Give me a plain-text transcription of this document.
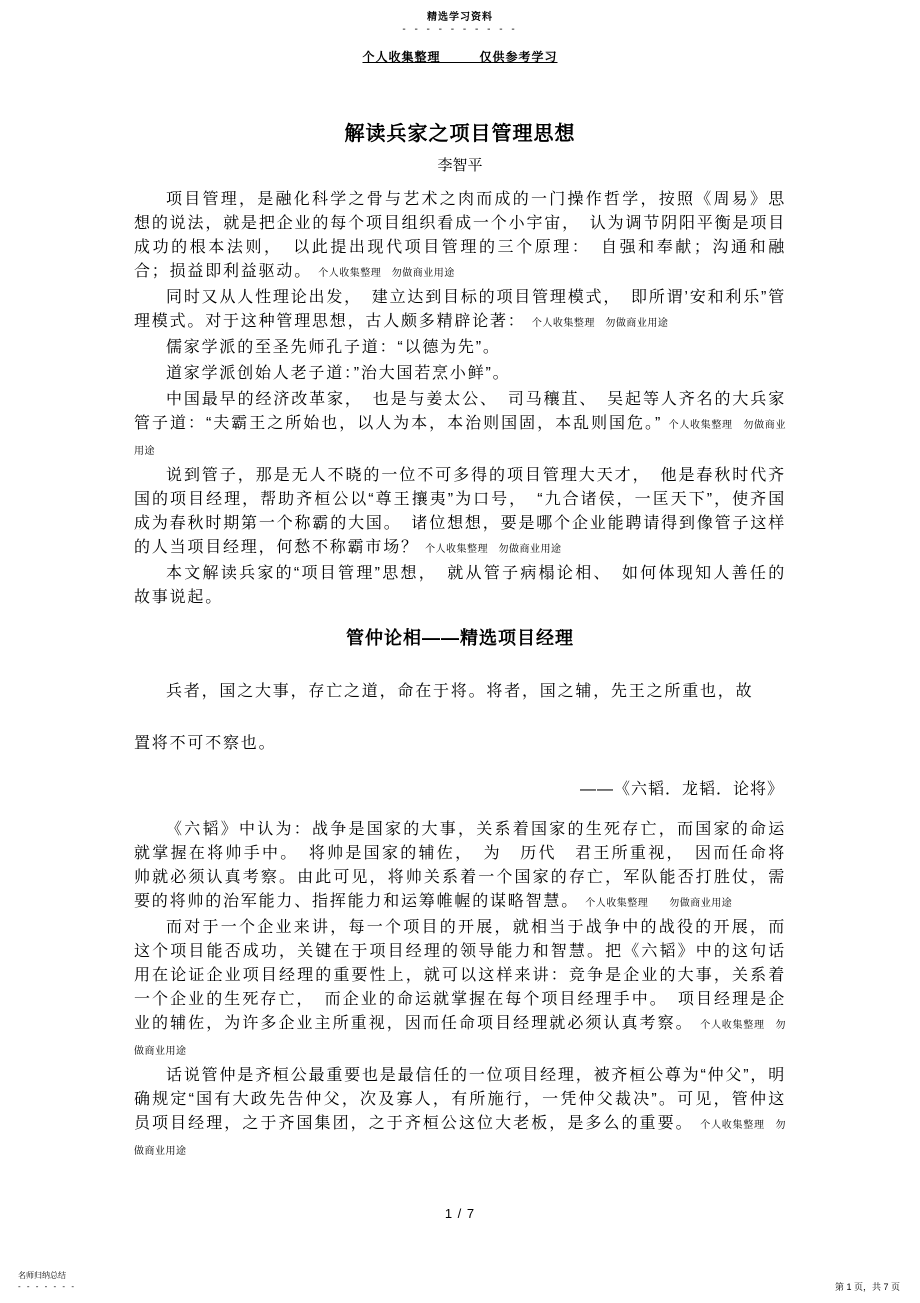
精选学习资料
- - - - - - - - - -
个人收集整理　　　仅供参考学习
解读兵家之项目管理思想
李智平

项目管理，是融化科学之骨与艺术之肉而成的一门操作哲学，按照《周易》思想的说法，就是把企业的每个项目组织看成一个小宇宙，　认为调节阴阳平衡是项目成功的根本法则，　以此提出现代项目管理的三个原理：　自强和奉献；沟通和融合；损益即利益驱动。 个人收集整理　勿做商业用途

同时又从人性理论出发，　建立达到目标的项目管理模式，　即所谓’安和利乐”管理模式。对于这种管理思想，古人颇多精辟论著： 个人收集整理　勿做商业用途

儒家学派的至圣先师孔子道：“以德为先”。

道家学派创始人老子道：”治大国若烹小鲜”。

中国最早的经济改革家，　也是与姜太公、　司马穰苴、　吴起等人齐名的大兵家管子道：“夫霸王之所始也，以人为本，本治则国固，本乱则国危。” 个人收集整理　勿做商业用途

说到管子，那是无人不晓的一位不可多得的项目管理大天才，　他是春秋时代齐国的项目经理，帮助齐桓公以“尊王攘夷”为口号，　“九合诸侯，一匡天下”，使齐国成为春秋时期第一个称霸的大国。　诸位想想，要是哪个企业能聘请得到像管子这样的人当项目经理，何愁不称霸市场？ 个人收集整理　勿做商业用途

本文解读兵家的“项目管理”思想，　就从管子病榻论相、　如何体现知人善任的故事说起。

管仲论相——精选项目经理
兵者，国之大事，存亡之道，命在于将。将者，国之辅，先王之所重也，故
置将不可不察也。
——《六韬．龙韬．论将》

《六韬》中认为：战争是国家的大事，关系着国家的生死存亡，而国家的命运就掌握在将帅手中。　将帅是国家的辅佐，　为　历代　君王所重视，　因而任命将帅就必须认真考察。由此可见，将帅关系着一个国家的存亡，军队能否打胜仗，需要的将帅的治军能力、指挥能力和运筹帷幄的谋略智慧。 个人收集整理　　勿做商业用途

而对于一个企业来讲，每一个项目的开展，就相当于战争中的战役的开展，而这个项目能否成功，关键在于项目经理的领导能力和智慧。把《六韬》中的这句话用在论证企业项目经理的重要性上，就可以这样来讲：竞争是企业的大事，关系着一个企业的生死存亡，　而企业的命运就掌握在每个项目经理手中。　项目经理是企业的辅佐，为许多企业主所重视，因而任命项目经理就必须认真考察。 个人收集整理　勿做商业用途

话说管仲是齐桓公最重要也是最信任的一位项目经理，被齐桓公尊为“仲父”，明确规定“国有大政先告仲父，次及寡人，有所施行，一凭仲父裁决”。可见，管仲这员项目经理，之于齐国集团，之于齐桓公这位大老板，是多么的重要。 个人收集整理　勿做商业用途

1 / 7
名师归纳总结
- - - - - - -	第 1 页，共 7 页
